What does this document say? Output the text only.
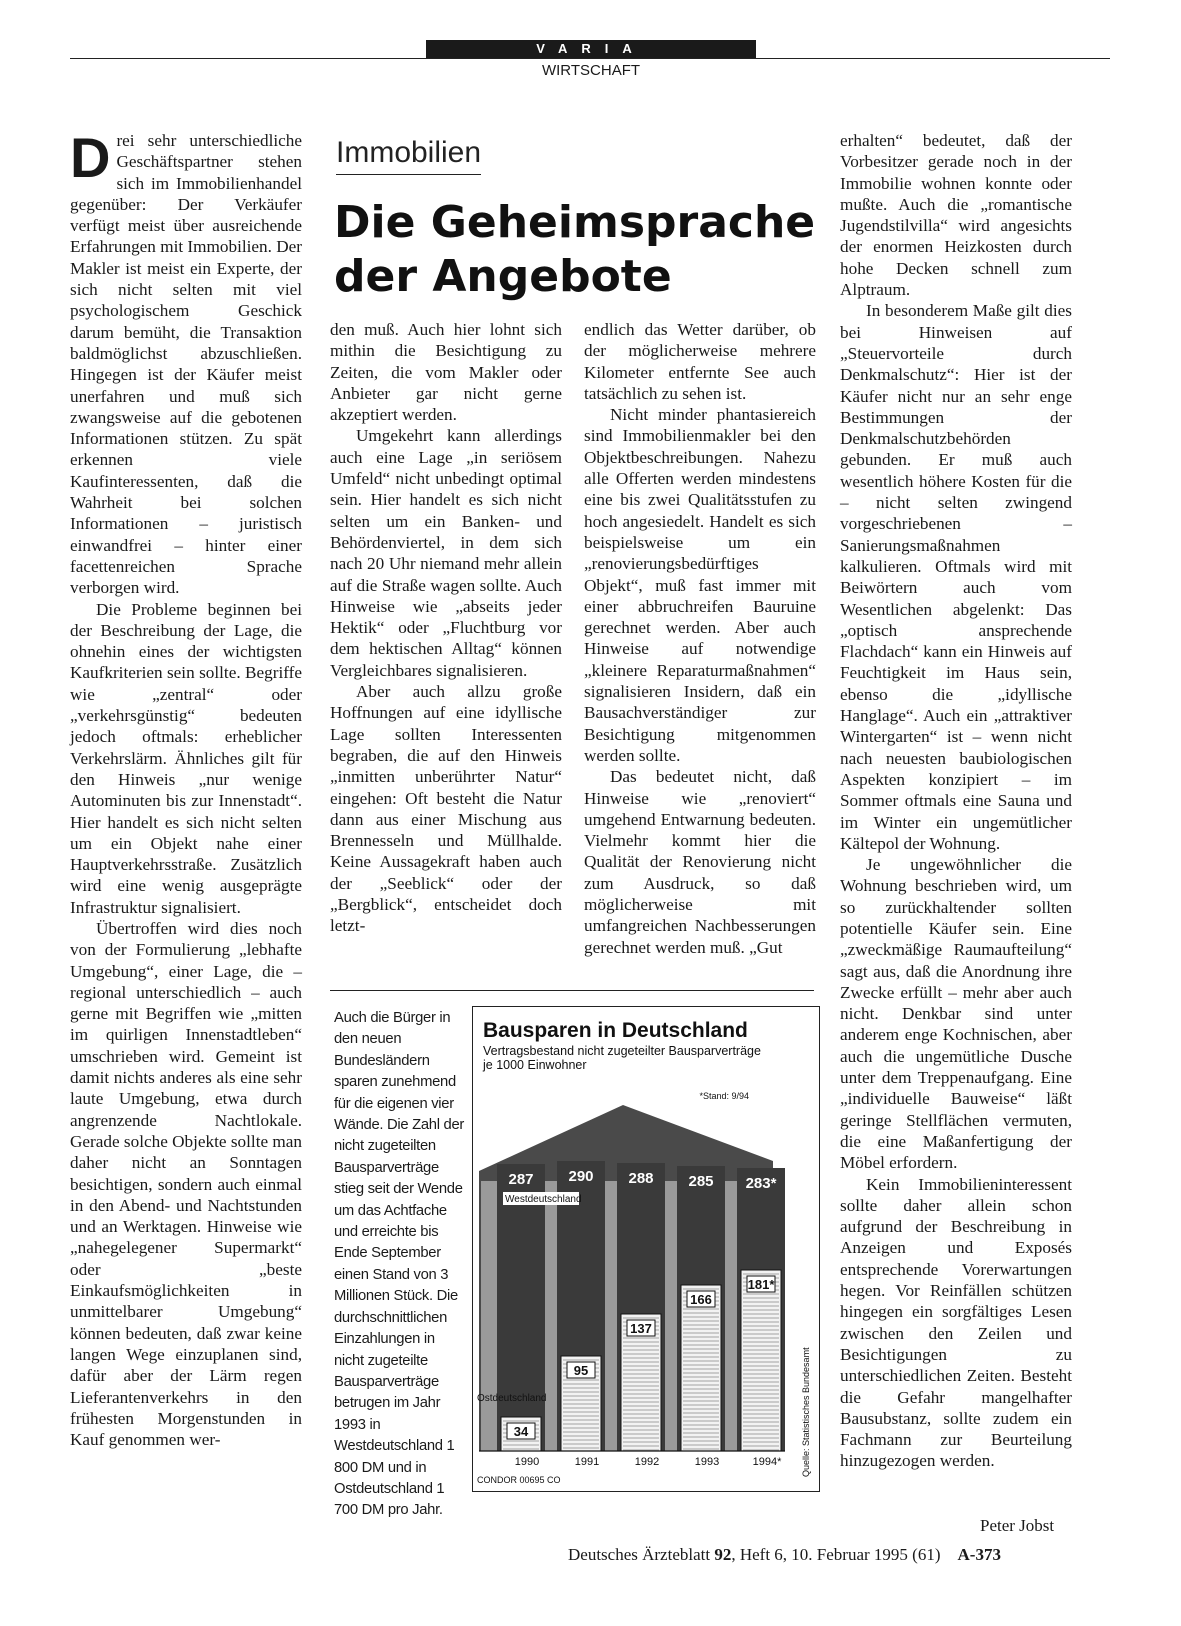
VARIA
WIRTSCHAFT

Drei sehr unterschiedliche Geschäftspartner stehen sich im Immobilienhandel gegenüber: Der Verkäufer verfügt meist über ausreichende Erfahrungen mit Immobilien. Der Makler ist meist ein Experte, der sich nicht selten mit viel psychologischem Geschick darum bemüht, die Transaktion baldmöglichst abzuschließen. Hingegen ist der Käufer meist unerfahren und muß sich zwangsweise auf die gebotenen Informationen stützen. Zu spät erkennen viele Kaufinteressenten, daß die Wahrheit bei solchen Informationen – juristisch einwandfrei – hinter einer facettenreichen Sprache verborgen wird.

Die Probleme beginnen bei der Beschreibung der Lage, die ohnehin eines der wichtigsten Kaufkriterien sein sollte. Begriffe wie „zentral“ oder „verkehrsgünstig“ bedeuten jedoch oftmals: erheblicher Verkehrslärm. Ähnliches gilt für den Hinweis „nur wenige Autominuten bis zur Innenstadt“. Hier handelt es sich nicht selten um ein Objekt nahe einer Hauptverkehrsstraße. Zusätzlich wird eine wenig ausgeprägte Infrastruktur signalisiert.

Übertroffen wird dies noch von der Formulierung „lebhafte Umgebung“, einer Lage, die – regional unterschiedlich – auch gerne mit Begriffen wie „mitten im quirligen Innenstadtleben“ umschrieben wird. Gemeint ist damit nichts anderes als eine sehr laute Umgebung, etwa durch angrenzende Nachtlokale. Gerade solche Objekte sollte man daher nicht an Sonntagen besichtigen, sondern auch einmal in den Abend- und Nachtstunden und an Werktagen. Hinweise wie „nahegelegener Supermarkt“ oder „beste Einkaufsmöglichkeiten in unmittelbarer Umgebung“ können bedeuten, daß zwar keine langen Wege einzuplanen sind, dafür aber der Lärm regen Lieferantenverkehrs in den frühesten Morgenstunden in Kauf genommen wer-

Immobilien
Die Geheimsprache der Angebote

den muß. Auch hier lohnt sich mithin die Besichtigung zu Zeiten, die vom Makler oder Anbieter gar nicht gerne akzeptiert werden.

Umgekehrt kann allerdings auch eine Lage „in seriösem Umfeld“ nicht unbedingt optimal sein. Hier handelt es sich nicht selten um ein Banken- und Behördenviertel, in dem sich nach 20 Uhr niemand mehr allein auf die Straße wagen sollte. Auch Hinweise wie „abseits jeder Hektik“ oder „Fluchtburg vor dem hektischen Alltag“ können Vergleichbares signalisieren.

Aber auch allzu große Hoffnungen auf eine idyllische Lage sollten Interessenten begraben, die auf den Hinweis „inmitten unberührter Natur“ eingehen: Oft besteht die Natur dann aus einer Mischung aus Brennesseln und Müllhalde. Keine Aussagekraft haben auch der „Seeblick“ oder der „Bergblick“, entscheidet doch letzt-

endlich das Wetter darüber, ob der möglicherweise mehrere Kilometer entfernte See auch tatsächlich zu sehen ist.

Nicht minder phantasiereich sind Immobilienmakler bei den Objektbeschreibungen. Nahezu alle Offerten werden mindestens eine bis zwei Qualitätsstufen zu hoch angesiedelt. Handelt es sich beispielsweise um ein „renovierungsbedürftiges Objekt“, muß fast immer mit einer abbruchreifen Bauruine gerechnet werden. Aber auch Hinweise auf notwendige „kleinere Reparaturmaßnahmen“ signalisieren Insidern, daß ein Bausachverständiger zur Besichtigung mitgenommen werden sollte.

Das bedeutet nicht, daß Hinweise wie „renoviert“ umgehend Entwarnung bedeuten. Vielmehr kommt hier die Qualität der Renovierung nicht zum Ausdruck, so daß möglicherweise mit umfangreichen Nachbesserungen gerechnet werden muß. „Gut

erhalten“ bedeutet, daß der Vorbesitzer gerade noch in der Immobilie wohnen konnte oder mußte. Auch die „romantische Jugendstilvilla“ wird angesichts der enormen Heizkosten durch hohe Decken schnell zum Alptraum.

In besonderem Maße gilt dies bei Hinweisen auf „Steuervorteile durch Denkmalschutz“: Hier ist der Käufer nicht nur an sehr enge Bestimmungen der Denkmalschutzbehörden gebunden. Er muß auch wesentlich höhere Kosten für die – nicht selten zwingend vorgeschriebenen – Sanierungsmaßnahmen kalkulieren. Oftmals wird mit Beiwörtern auch vom Wesentlichen abgelenkt: Das „optisch ansprechende Flachdach“ kann ein Hinweis auf Feuchtigkeit im Haus sein, ebenso die „idyllische Hanglage“. Auch ein „attraktiver Wintergarten“ ist – wenn nicht nach neuesten baubiologischen Aspekten konzipiert – im Sommer oftmals eine Sauna und im Winter ein ungemütlicher Kältepol der Wohnung.

Je ungewöhnlicher die Wohnung beschrieben wird, um so zurückhaltender sollten potentielle Käufer sein. Eine „zweckmäßige Raumaufteilung“ sagt aus, daß die Anordnung ihre Zwecke erfüllt – mehr aber auch nicht. Denkbar sind unter anderem enge Kochnischen, aber auch die ungemütliche Dusche unter dem Treppenaufgang. Eine „individuelle Bauweise“ läßt geringe Stellflächen vermuten, die eine Maßanfertigung der Möbel erfordern.

Kein Immobilieninteressent sollte daher allein schon aufgrund der Beschreibung in Anzeigen und Exposés entsprechende Vorerwartungen hegen. Vor Reinfällen schützen hingegen ein sorgfältiges Lesen zwischen den Zeilen und Besichtigungen zu unterschiedlichen Zeiten. Besteht die Gefahr mangelhafter Bausubstanz, sollte zudem ein Fachmann zur Beurteilung hinzugezogen werden.

Peter Jobst
Auch die Bürger in den neuen Bundesländern sparen zunehmend für die eigenen vier Wände. Die Zahl der nicht zugeteilten Bausparverträge stieg seit der Wende um das Achtfache und erreichte bis Ende September einen Stand von 3 Millionen Stück. Die durchschnittlichen Einzahlungen in nicht zugeteilte Bausparverträge betrugen im Jahr 1993 in Westdeutschland 1 800 DM und in Ostdeutschland 1 700 DM pro Jahr.
Bausparen in Deutschland
Vertragsbestand nicht zugeteilter Bausparverträge
je 1000 Einwohner
*Stand: 9/94
287
34
1990
290
95
1991
288
137
1992
285
166
1993
283*
181*
1994*
Westdeutschland
Ostdeutschland
CONDOR 00695 CO
Quelle: Statistisches Bundesamt
Deutsches Ärzteblatt 92, Heft 6, 10. Februar 1995 (61) A-373
